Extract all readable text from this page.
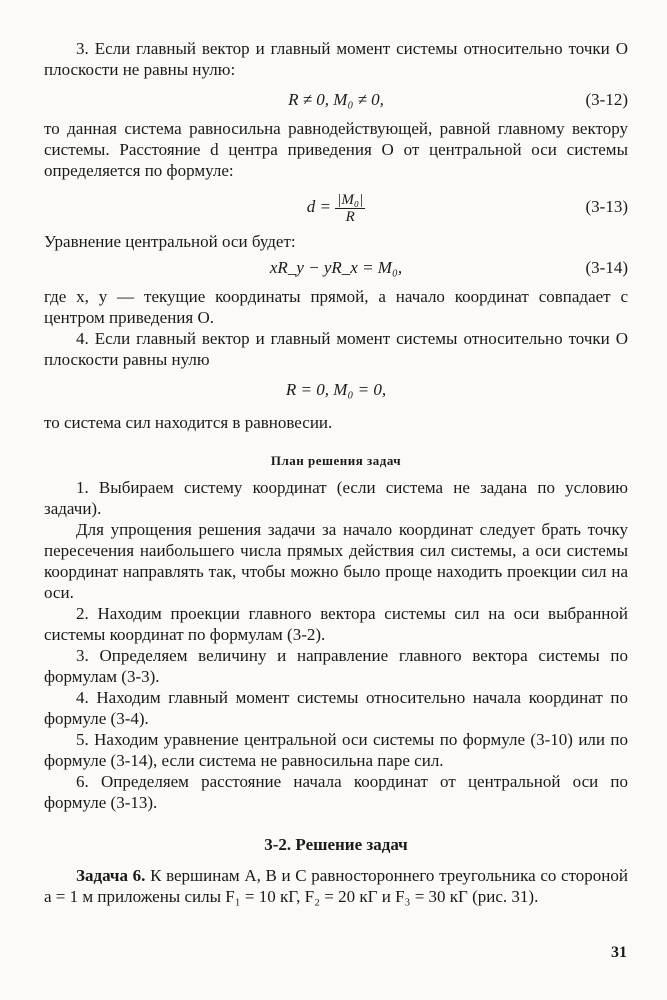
3. Если главный вектор и главный момент системы относительно точки O плоскости не равны нулю:

R ≠ 0, M₀ ≠ 0,	(3-12)

то данная система равносильна равнодействующей, равной главному вектору системы. Расстояние d центра приведения O от центральной оси системы определяется по формуле:

$d = \frac{\text{|M₀|}}{R}$	(3-13)

Уравнение центральной оси будет:

xR_y − yR_x = M₀,	(3-14)

где x, y — текущие координаты прямой, а начало координат совпадает с центром приведения O.

4. Если главный вектор и главный момент системы относительно точки O плоскости равны нулю

R = 0, M₀ = 0,

то система сил находится в равновесии.

План решения задач

1. Выбираем систему координат (если система не задана по условию задачи).

Для упрощения решения задачи за начало координат следует брать точку пересечения наибольшего числа прямых действия сил системы, а оси системы координат направлять так, чтобы можно было проще находить проекции сил на оси.

2. Находим проекции главного вектора системы сил на оси выбранной системы координат по формулам (3-2).

3. Определяем величину и направление главного вектора системы по формулам (3-3).

4. Находим главный момент системы относительно начала координат по формуле (3-4).

5. Находим уравнение центральной оси системы по формуле (3-10) или по формуле (3-14), если система не равносильна паре сил.

6. Определяем расстояние начала координат от центральной оси по формуле (3-13).

3-2. Решение задач

Задача 6. К вершинам A, B и C равностороннего треугольника со стороной a = 1 м приложены силы F₁ = 10 кГ, F₂ = 20 кГ и F₃ = 30 кГ (рис. 31).

31
